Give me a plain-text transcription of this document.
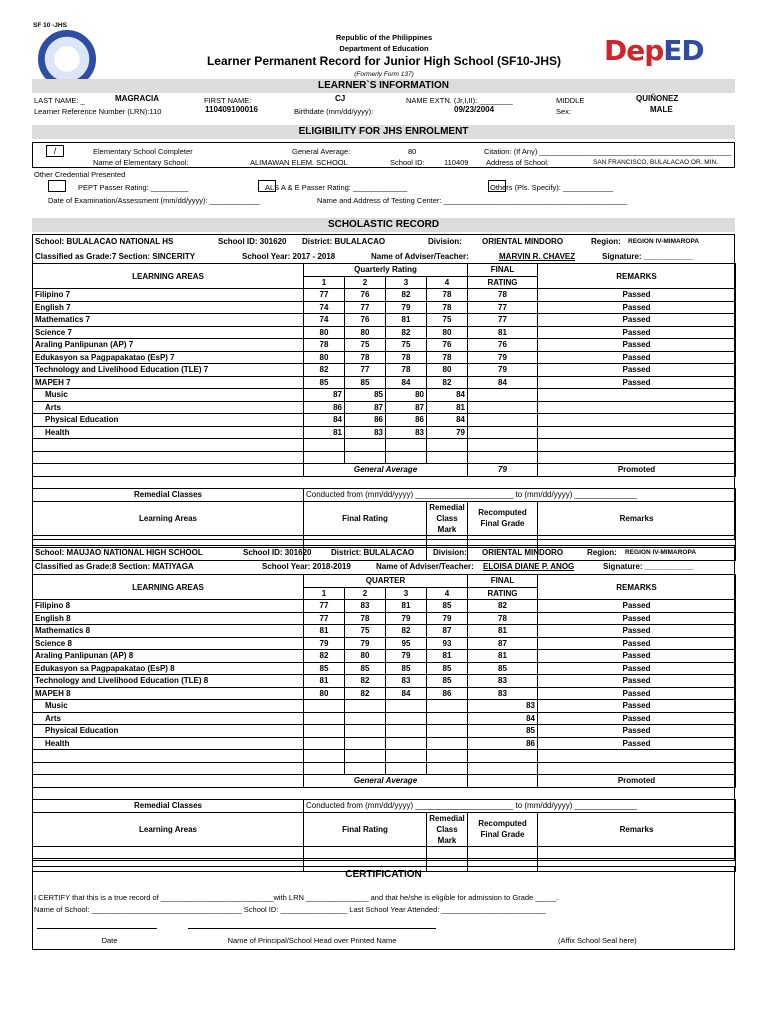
SF 10 -JHS
Republic of the Philippines
Department of Education
Learner Permanent Record for Junior High School (SF10-JHS)
(Formerly Form 137)
DepED
LEARNER`S INFORMATION
LAST NAME: _	MAGRACIA	FIRST NAME:	CJ	NAME EXTN. (Jr,I,II): ________	MIDDLE	QUIÑONEZ
Learner Reference Number (LRN):110	110409100016	Birthdate (mm/dd/yyyy):	09/23/2004	Sex:	MALE
ELIGIBILITY FOR JHS ENROLMENT
/	Elementary School Completer	General Average:	80	Citation: (If Any) ______________________________________________
Name of Elementary School:	ALIMAWAN ELEM. SCHOOL	School ID:	110409 Address of School:	SAN FRANCISCO, BULALACAO OR. MIN.
Other Credential Presented
PEPT Passer Rating: _________	ALS A & E Passer Rating: _____________	Others (Pls. Specify): ____________
Date of Examination/Assessment (mm/dd/yyyy): ____________	Name and Address of Testing Center: ____________________________________________
SCHOLASTIC RECORD
School: BULALACAO NATIONAL HS	School ID: 301620 District: BULALACAO	Division:	ORIENTAL MINDORO	Region: REGION IV-MIMAROPA
Classified as Grade:7 Section: SINCERITY	School Year: 2017 - 2018	Name of Adviser/Teacher:	MARVIN R. CHAVEZ	Signature: ___________
LEARNING AREAS	Quarterly Rating				FINAL	REMARKS
	1	2	3	4	RATING	
Filipino 7	77	76	82	78	78	Passed
English 7	74	77	79	78	77	Passed
Mathematics 7	74	76	81	75	77	Passed
Science 7	80	80	82	80	81	Passed
Araling Panlipunan (AP) 7	78	75	75	76	76	Passed
Edukasyon sa Pagpapakatao (EsP) 7	80	78	78	78	79	Passed
Technology and Livelihood Education (TLE) 7	82	77	78	80	79	Passed
MAPEH 7	85	85	84	82	84	Passed
Music	87	85	80	84		
Arts	86	87	87	81		
Physical Education	84	86	86	84		
Health	81	83	83	79		

	General Average				79	Promoted

Remedial Classes	Conducted from (mm/dd/yyyy) ______________________ to (mm/dd/yyyy) ______________					
Learning Areas	Final Rating			Remedial Class Mark	Recomputed Final Grade	Remarks

School: MAUJAO NATIONAL HIGH SCHOOL	School ID: 301620 District: BULALACAO Division: ORIENTAL MINDORO	Region: REGION IV-MIMAROPA
Classified as Grade:8 Section: MATIYAGA	School Year: 2018-2019	Name of Adviser/Teacher: ELOISA DIANE P. ANOG	Signature: ___________
LEARNING AREAS	QUARTER				FINAL	REMARKS
	1	2	3	4	RATING	
Filipino 8	77	83	81	85	82	Passed
English 8	77	78	79	79	78	Passed
Mathematics 8	81	75	82	87	81	Passed
Science 8	79	79	95	93	87	Passed
Araling Panlipunan (AP) 8	82	80	79	81	81	Passed
Edukasyon sa Pagpapakatao (EsP) 8	85	85	85	85	85	Passed
Technology and Livelihood Education (TLE) 8	81	82	83	85	83	Passed
MAPEH 8	80	82	84	86	83	Passed
Music					83	Passed
Arts					84	Passed
Physical Education					85	Passed
Health					86	Passed

	General Average					Promoted

Remedial Classes	Conducted from (mm/dd/yyyy) ______________________ to (mm/dd/yyyy) ______________					
Learning Areas	Final Rating			Remedial Class Mark	Recomputed Final Grade	Remarks

CERTIFICATION
I CERTIFY that this is a true record of ___________________________with LRN _______________ and that he/she is eligible for admission to Grade _____.
Name of School: ____________________________________ School ID: ________________ Last School Year Attended: _________________________
Date	Name of Principal/School Head over Printed Name	(Affix School Seal here)
